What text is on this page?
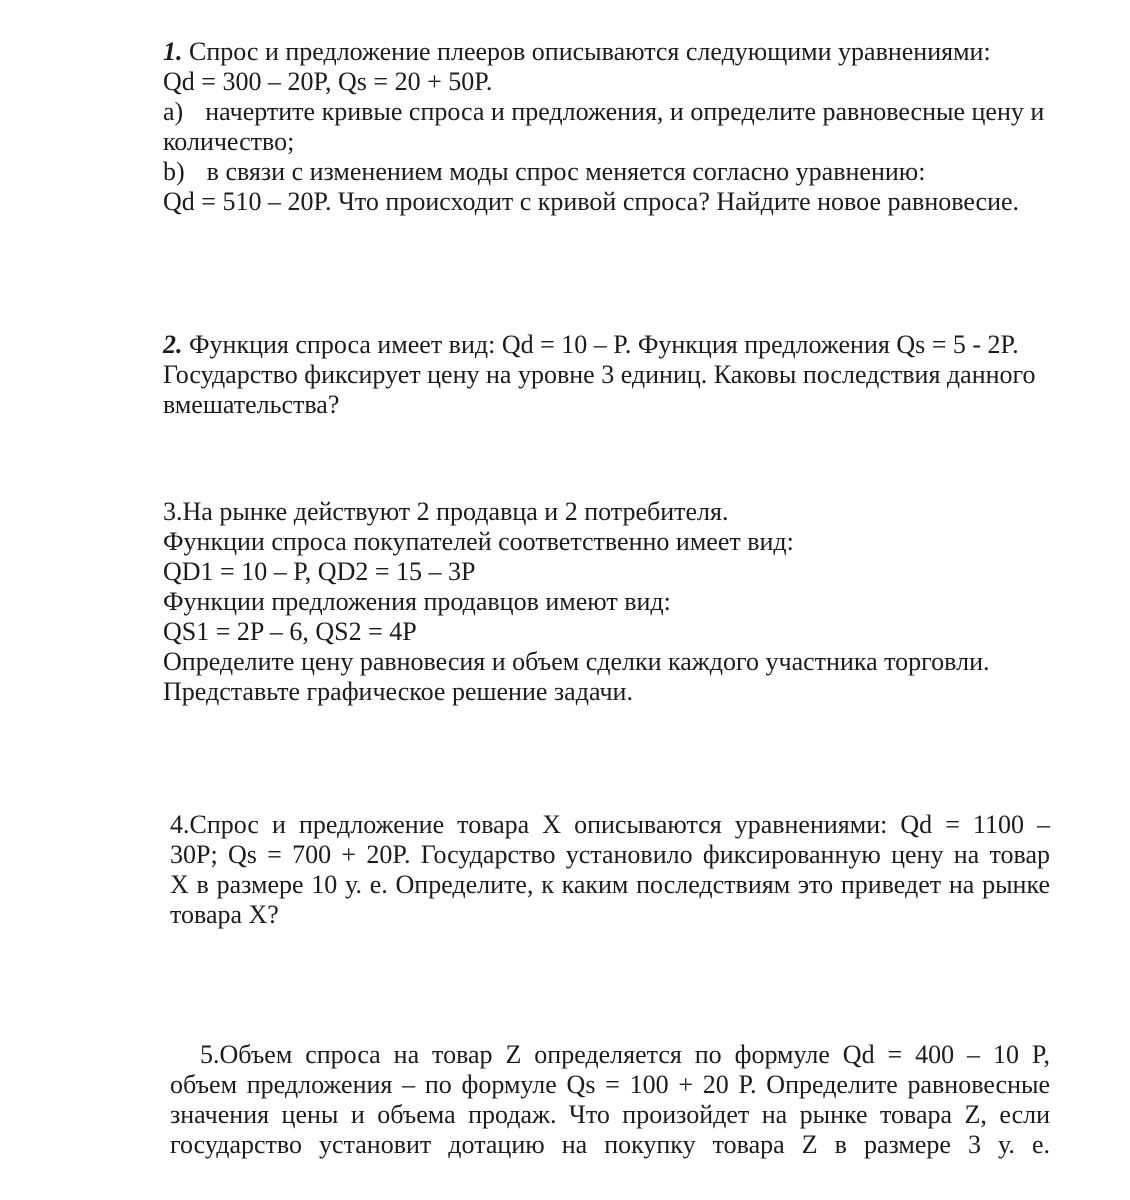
1. Спрос и предложение плееров описываются следующими уравнениями:
Qd = 300 – 20P, Qs = 20 + 50P.
а) начертите кривые спроса и предложения, и определите равновесные цену и
количество;
b) в связи с изменением моды спрос меняется согласно уравнению:
Qd = 510 – 20P. Что происходит с кривой спроса? Найдите новое равновесие.
2. Функция спроса имеет вид: Qd = 10 – P. Функция предложения Qs = 5 - 2P.
Государство фиксирует цену на уровне 3 единиц. Каковы последствия данного
вмешательства?
3.На рынке действуют 2 продавца и 2 потребителя.
Функции спроса покупателей соответственно имеет вид:
QD1 = 10 – P, QD2 = 15 – 3P
Функции предложения продавцов имеют вид:
QS1 = 2P – 6, QS2 = 4P
Определите цену равновесия и объем сделки каждого участника торговли.
Представьте графическое решение задачи.
4.Спрос и предложение товара X описываются уравнениями: Qd = 1100 –
30P; Qs = 700 + 20P. Государство установило фиксированную цену на товар
X в размере 10 у. е. Определите, к каким последствиям это приведет на рынке
товара X?
5.Объем спроса на товар Z определяется по формуле Qd = 400 – 10 P,
объем предложения – по формуле Qs = 100 + 20 P. Определите равновесные
значения цены и объема продаж. Что произойдет на рынке товара Z, если
государство установит дотацию на покупку товара Z в размере 3 у. е.
